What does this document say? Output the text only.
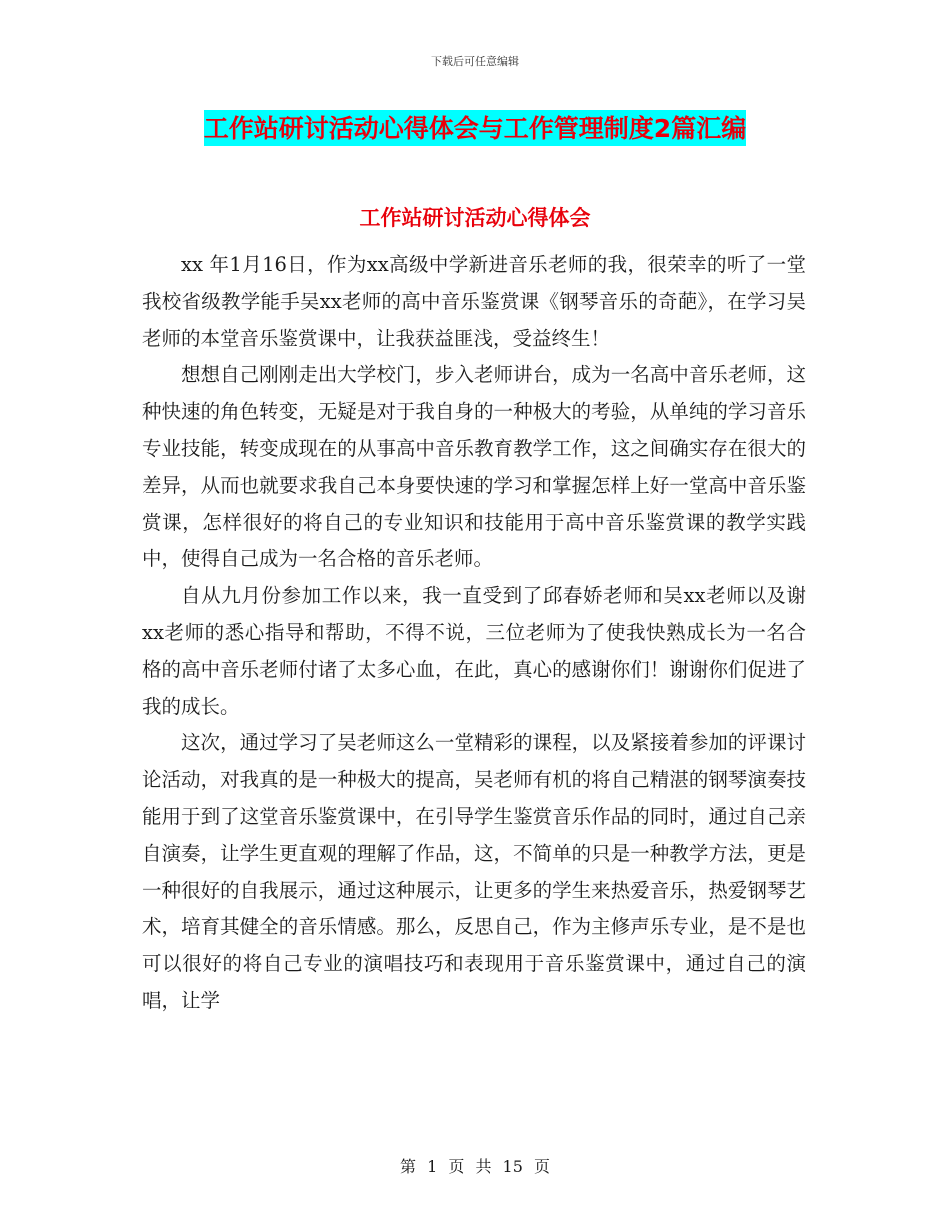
下载后可任意编辑
工作站研讨活动心得体会与工作管理制度2篇汇编
工作站研讨活动心得体会

xx 年1月16日，作为xx高级中学新进音乐老师的我，很荣幸的听了一堂我校省级教学能手吴xx老师的高中音乐鉴赏课《钢琴音乐的奇葩》，在学习吴老师的本堂音乐鉴赏课中，让我获益匪浅，受益终生！

想想自己刚刚走出大学校门，步入老师讲台，成为一名高中音乐老师，这种快速的角色转变，无疑是对于我自身的一种极大的考验，从单纯的学习音乐专业技能，转变成现在的从事高中音乐教育教学工作，这之间确实存在很大的差异，从而也就要求我自己本身要快速的学习和掌握怎样上好一堂高中音乐鉴赏课，怎样很好的将自己的专业知识和技能用于高中音乐鉴赏课的教学实践中，使得自己成为一名合格的音乐老师。

自从九月份参加工作以来，我一直受到了邱春娇老师和吴xx老师以及谢xx老师的悉心指导和帮助，不得不说，三位老师为了使我快熟成长为一名合格的高中音乐老师付诸了太多心血，在此，真心的感谢你们！谢谢你们促进了我的成长。

这次，通过学习了吴老师这么一堂精彩的课程，以及紧接着参加的评课讨论活动，对我真的是一种极大的提高，吴老师有机的将自己精湛的钢琴演奏技能用于到了这堂音乐鉴赏课中，在引导学生鉴赏音乐作品的同时，通过自己亲自演奏，让学生更直观的理解了作品，这，不简单的只是一种教学方法，更是一种很好的自我展示，通过这种展示，让更多的学生来热爱音乐，热爱钢琴艺术，培育其健全的音乐情感。那么，反思自己，作为主修声乐专业，是不是也可以很好的将自己专业的演唱技巧和表现用于音乐鉴赏课中，通过自己的演唱，让学

第 1 页 共 15 页
